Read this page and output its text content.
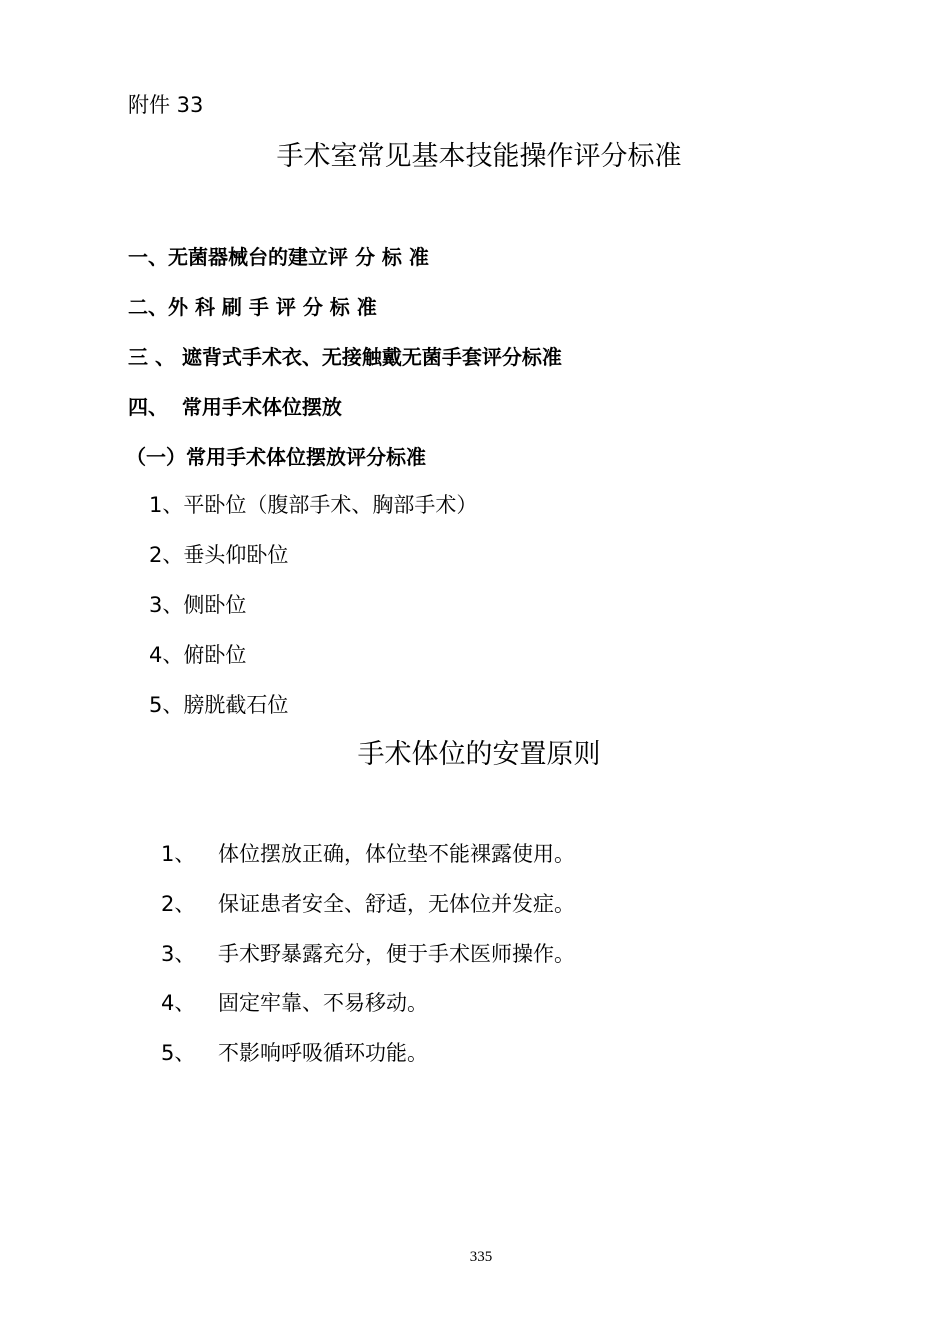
附件 33
手术室常见基本技能操作评分标准
一、无菌器械台的建立评 分 标 准
二、外 科 刷 手 评 分 标 准
三 、 遮背式手术衣、无接触戴无菌手套评分标准
四、  常用手术体位摆放
（一）常用手术体位摆放评分标准
1、平卧位（腹部手术、胸部手术）
2、垂头仰卧位
3、侧卧位
4、俯卧位
5、膀胱截石位
手术体位的安置原则
1、 体位摆放正确，体位垫不能裸露使用。
2、 保证患者安全、舒适，无体位并发症。
3、 手术野暴露充分，便于手术医师操作。
4、 固定牢靠、不易移动。
5、 不影响呼吸循环功能。
335
